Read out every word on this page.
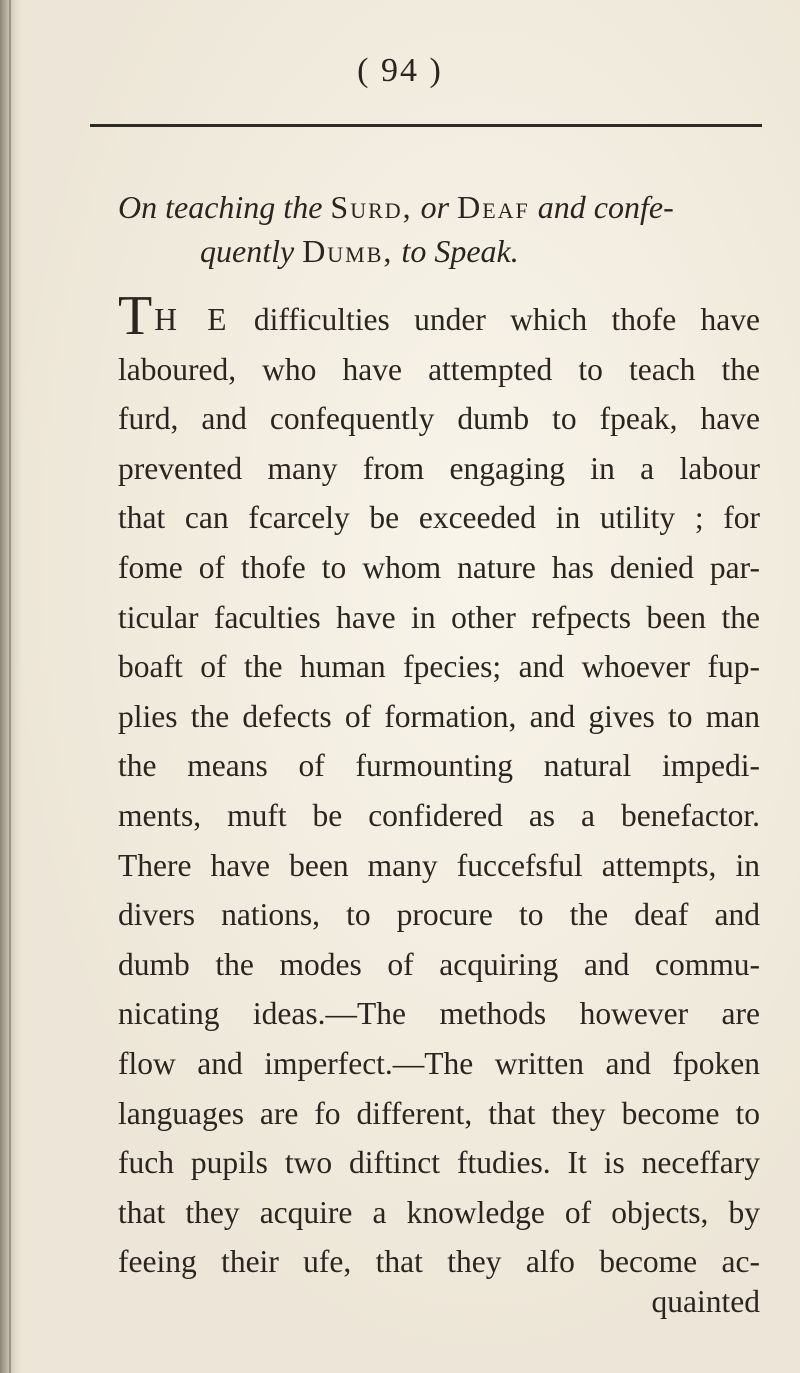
( 94 )
On teaching the Surd, or Deaf and confe-
quently Dumb, to Speak.
TH E difficulties under which thofe have
laboured, who have attempted to teach the
furd, and confequently dumb to fpeak, have
prevented many from engaging in a labour
that can fcarcely be exceeded in utility ; for
fome of thofe to whom nature has denied par-
ticular faculties have in other refpects been the
boaft of the human fpecies; and whoever fup-
plies the defects of formation, and gives to man
the means of furmounting natural impedi-
ments, muft be confidered as a benefactor.
There have been many fuccefsful attempts, in
divers nations, to procure to the deaf and
dumb the modes of acquiring and commu-
nicating ideas.—The methods however are
flow and imperfect.—The written and fpoken
languages are fo different, that they become to
fuch pupils two diftinct ftudies. It is neceffary
that they acquire a knowledge of objects, by
feeing their ufe, that they alfo become ac-
quainted
